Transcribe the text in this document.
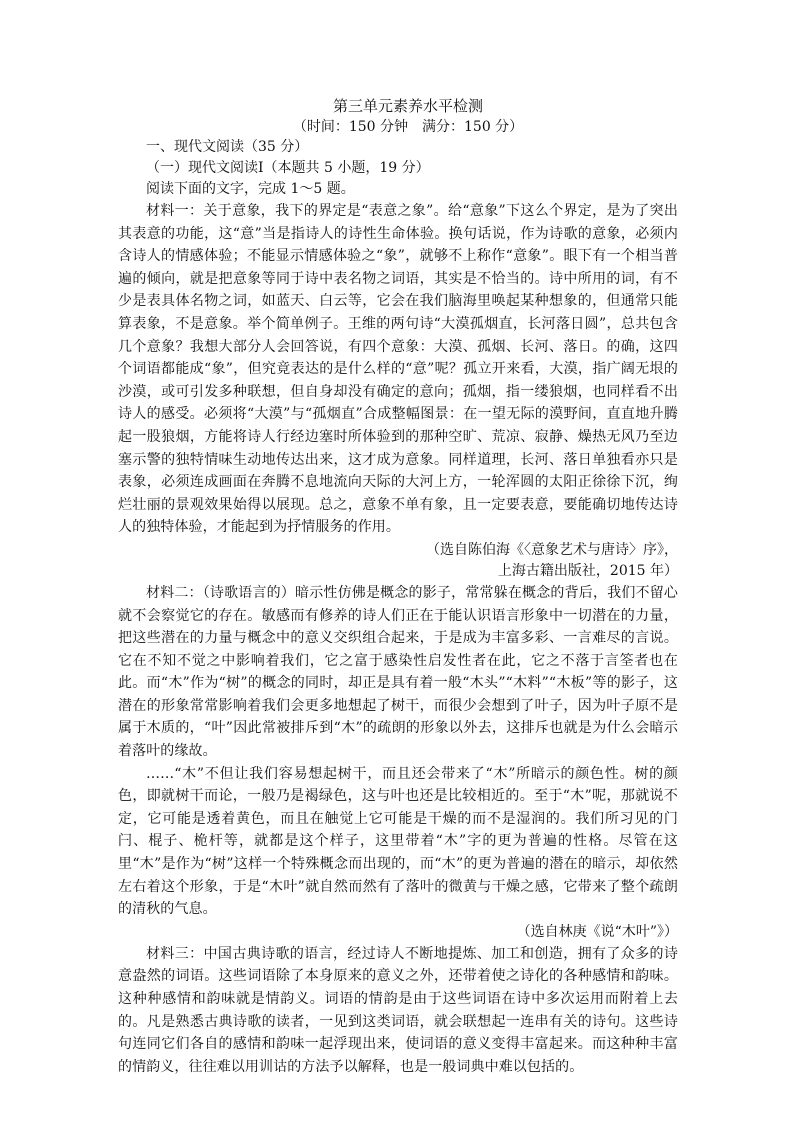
第三单元素养水平检测
（时间：150 分钟　满分：150 分）
一、现代文阅读（35 分）
（一）现代文阅读Ⅰ（本题共 5 小题，19 分）
阅读下面的文字，完成 1～5 题。

材料一：关于意象，我下的界定是“表意之象”。给“意象”下这么个界定，是为了突出其表意的功能，这“意”当是指诗人的诗性生命体验。换句话说，作为诗歌的意象，必须内含诗人的情感体验；不能显示情感体验之“象”，就够不上称作“意象”。眼下有一个相当普遍的倾向，就是把意象等同于诗中表名物之词语，其实是不恰当的。诗中所用的词，有不少是表具体名物之词，如蓝天、白云等，它会在我们脑海里唤起某种想象的，但通常只能算表象，不是意象。举个简单例子。王维的两句诗“大漠孤烟直，长河落日圆”，总共包含几个意象？我想大部分人会回答说，有四个意象：大漠、孤烟、长河、落日。的确，这四个词语都能成“象”，但究竟表达的是什么样的“意”呢？孤立开来看，大漠，指广阔无垠的沙漠，或可引发多种联想，但自身却没有确定的意向；孤烟，指一缕狼烟，也同样看不出诗人的感受。必须将“大漠”与“孤烟直”合成整幅图景：在一望无际的漠野间，直直地升腾起一股狼烟，方能将诗人行经边塞时所体验到的那种空旷、荒凉、寂静、燥热无风乃至边塞示警的独特情味生动地传达出来，这才成为意象。同样道理，长河、落日单独看亦只是表象，必须连成画面在奔腾不息地流向天际的大河上方，一轮浑圆的太阳正徐徐下沉，绚烂壮丽的景观效果始得以展现。总之，意象不单有象，且一定要表意，要能确切地传达诗人的独特体验，才能起到为抒情服务的作用。

（选自陈伯海《〈意象艺术与唐诗〉序》，
上海古籍出版社，2015 年）

材料二：（诗歌语言的）暗示性仿佛是概念的影子，常常躲在概念的背后，我们不留心就不会察觉它的存在。敏感而有修养的诗人们正在于能认识语言形象中一切潜在的力量，把这些潜在的力量与概念中的意义交织组合起来，于是成为丰富多彩、一言难尽的言说。它在不知不觉之中影响着我们，它之富于感染性启发性者在此，它之不落于言筌者也在此。而“木”作为“树”的概念的同时，却正是具有着一般“木头”“木料”“木板”等的影子，这潜在的形象常常影响着我们会更多地想起了树干，而很少会想到了叶子，因为叶子原不是属于木质的，“叶”因此常被排斥到“木”的疏朗的形象以外去，这排斥也就是为什么会暗示着落叶的缘故。

……“木”不但让我们容易想起树干，而且还会带来了“木”所暗示的颜色性。树的颜色，即就树干而论，一般乃是褐绿色，这与叶也还是比较相近的。至于“木”呢，那就说不定，它可能是透着黄色，而且在触觉上它可能是干燥的而不是湿润的。我们所习见的门闩、棍子、桅杆等，就都是这个样子，这里带着“木”字的更为普遍的性格。尽管在这里“木”是作为“树”这样一个特殊概念而出现的，而“木”的更为普遍的潜在的暗示，却依然左右着这个形象，于是“木叶”就自然而然有了落叶的微黄与干燥之感，它带来了整个疏朗的清秋的气息。

（选自林庚《说“木叶”》）

材料三：中国古典诗歌的语言，经过诗人不断地提炼、加工和创造，拥有了众多的诗意盎然的词语。这些词语除了本身原来的意义之外，还带着使之诗化的各种感情和韵味。这种种感情和韵味就是情韵义。词语的情韵是由于这些词语在诗中多次运用而附着上去的。凡是熟悉古典诗歌的读者，一见到这类词语，就会联想起一连串有关的诗句。这些诗句连同它们各自的感情和韵味一起浮现出来，使词语的意义变得丰富起来。而这种种丰富的情韵义，往往难以用训诂的方法予以解释，也是一般词典中难以包括的。
